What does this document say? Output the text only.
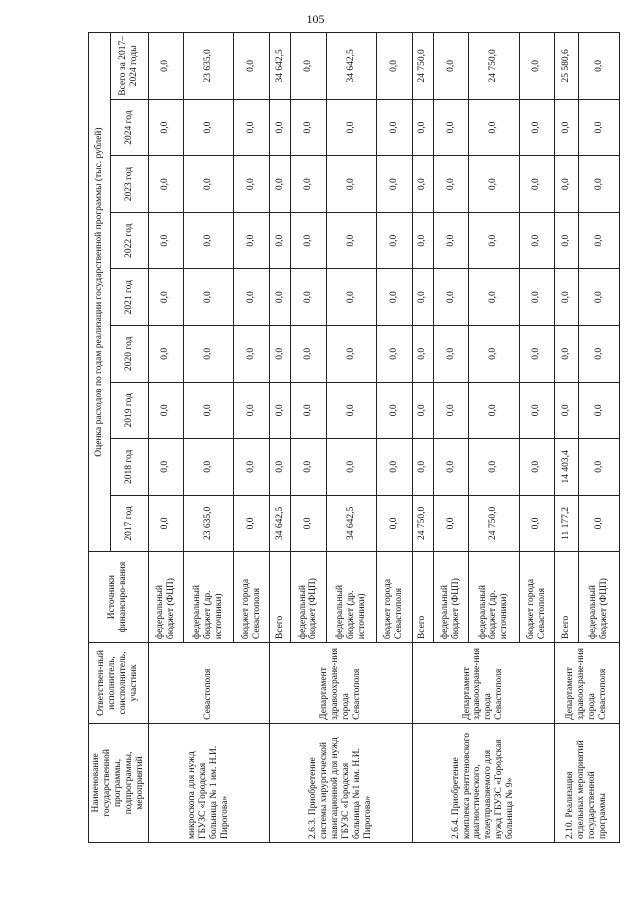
105
Наименование государственной программы, подпрограммы, мероприятий	Ответствен-ный исполнитель, соисполнитель, участник	Источники финансиро-вания	Оценка расходов по годам реализации государственной программы (тыс. рублей)								
			2017 год	2018 год	2019 год	2020 год	2021 год	2022 год	2023 год	2024 год	Всего за 2017–2024 годы
микроскопа для нужд ГБУЗС «Городская больница № 1 им. Н.И. Пирогова»	Севастополя	федеральный бюджет (ФЦП)	0,0	0,0	0,0	0,0	0,0	0,0	0,0	0,0	0,0
		федеральный бюджет (др. источники)	23 635,0	0,0	0,0	0,0	0,0	0,0	0,0	0,0	23 635,0
		бюджет города Севастополя	0,0	0,0	0,0	0,0	0,0	0,0	0,0	0,0	0,0
2.6.3. Приобретение системы хирургической навигационной для нужд ГБУЗС «Городская больница №1 им. Н.И. Пирогова»	Департамент здравоохране-ния города Севастополя	Всего	34 642,5	0,0	0,0	0,0	0,0	0,0	0,0	0,0	34 642,5
		федеральный бюджет (ФЦП)	0,0	0,0	0,0	0,0	0,0	0,0	0,0	0,0	0,0
		федеральный бюджет (др. источники)	34 642,5	0,0	0,0	0,0	0,0	0,0	0,0	0,0	34 642,5
		бюджет города Севастополя	0,0	0,0	0,0	0,0	0,0	0,0	0,0	0,0	0,0
2.6.4. Приобретение комплекса рентгеновского диагностического, телеуправляемого для нужд ГБУЗС «Городская больница № 9»	Департамент здравоохране-ния города Севастополя	Всего	24 750,0	0,0	0,0	0,0	0,0	0,0	0,0	0,0	24 750,0
		федеральный бюджет (ФЦП)	0,0	0,0	0,0	0,0	0,0	0,0	0,0	0,0	0,0
		федеральный бюджет (др. источники)	24 750,0	0,0	0,0	0,0	0,0	0,0	0,0	0,0	24 750,0
		бюджет города Севастополя	0,0	0,0	0,0	0,0	0,0	0,0	0,0	0,0	0,0
2.10. Реализация отдельных мероприятий государственной программы	Департамент здравоохране-ния города Севастополя	Всего	11 177,2	14 403,4	0,0	0,0	0,0	0,0	0,0	0,0	25 580,6
		федеральный бюджет (ФЦП)	0,0	0,0	0,0	0,0	0,0	0,0	0,0	0,0	0,0
